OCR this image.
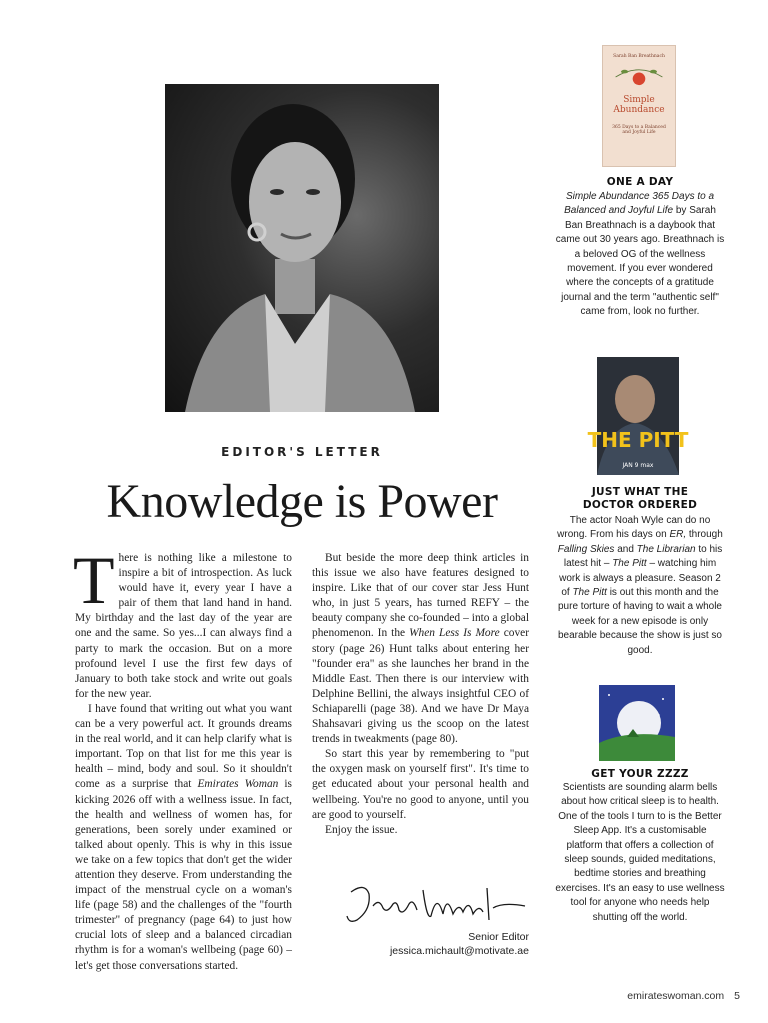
EDITOR'S LETTER
Knowledge is Power

There is nothing like a milestone to inspire a bit of introspection. As luck would have it, every year I have a pair of them that land hand in hand. My birthday and the last day of the year are one and the same. So yes...I can always find a party to mark the occasion. But on a more profound level I use the first few days of January to both take stock and write out goals for the new year.

I have found that writing out what you want can be a very powerful act. It grounds dreams in the real world, and it can help clarify what is important. Top on that list for me this year is health – mind, body and soul. So it shouldn't come as a surprise that Emirates Woman is kicking 2026 off with a wellness issue. In fact, the health and wellness of women has, for generations, been sorely under examined or talked about openly. This is why in this issue we take on a few topics that don't get the wider attention they deserve. From understanding the impact of the menstrual cycle on a woman's life (page 58) and the challenges of the "fourth trimester" of pregnancy (page 64) to just how crucial lots of sleep and a balanced circadian rhythm is for a woman's wellbeing (page 60) – let's get those conversations started.

But beside the more deep think articles in this issue we also have features designed to inspire. Like that of our cover star Jess Hunt who, in just 5 years, has turned REFY – the beauty company she co-founded – into a global phenomenon. In the When Less Is More cover story (page 26) Hunt talks about entering her "founder era" as she launches her brand in the Middle East. Then there is our interview with Delphine Bellini, the always insightful CEO of Schiaparelli (page 38). And we have Dr Maya Shahsavari giving us the scoop on the latest trends in tweakments (page 80).

So start this year by remembering to "put the oxygen mask on yourself first". It's time to get educated about your personal health and wellbeing. You're no good to anyone, until you are good to yourself.

Enjoy the issue.

Senior Editor
jessica.michault@motivate.ae
Sarah Ban Breathnach
Simple
Abundance
365 Days to a Balanced and Joyful Life
ONE A DAY
Simple Abundance 365 Days to a Balanced and Joyful Life by Sarah Ban Breathnach is a daybook that came out 30 years ago. Breathnach is a beloved OG of the wellness movement. If you ever wondered where the concepts of a gratitude journal and the term "authentic self" came from, look no further.
THE PITT
JAN 9 max
JUST WHAT THE
DOCTOR ORDERED
The actor Noah Wyle can do no wrong. From his days on ER, through Falling Skies and The Librarian to his latest hit – The Pitt – watching him work is always a pleasure. Season 2 of The Pitt is out this month and the pure torture of having to wait a whole week for a new episode is only bearable because the show is just so good.
GET YOUR ZZZZ
Scientists are sounding alarm bells about how critical sleep is to health. One of the tools I turn to is the Better Sleep App. It's a customisable platform that offers a collection of sleep sounds, guided meditations, bedtime stories and breathing exercises. It's an easy to use wellness tool for anyone who needs help shutting off the world.
emirateswoman.com 5
